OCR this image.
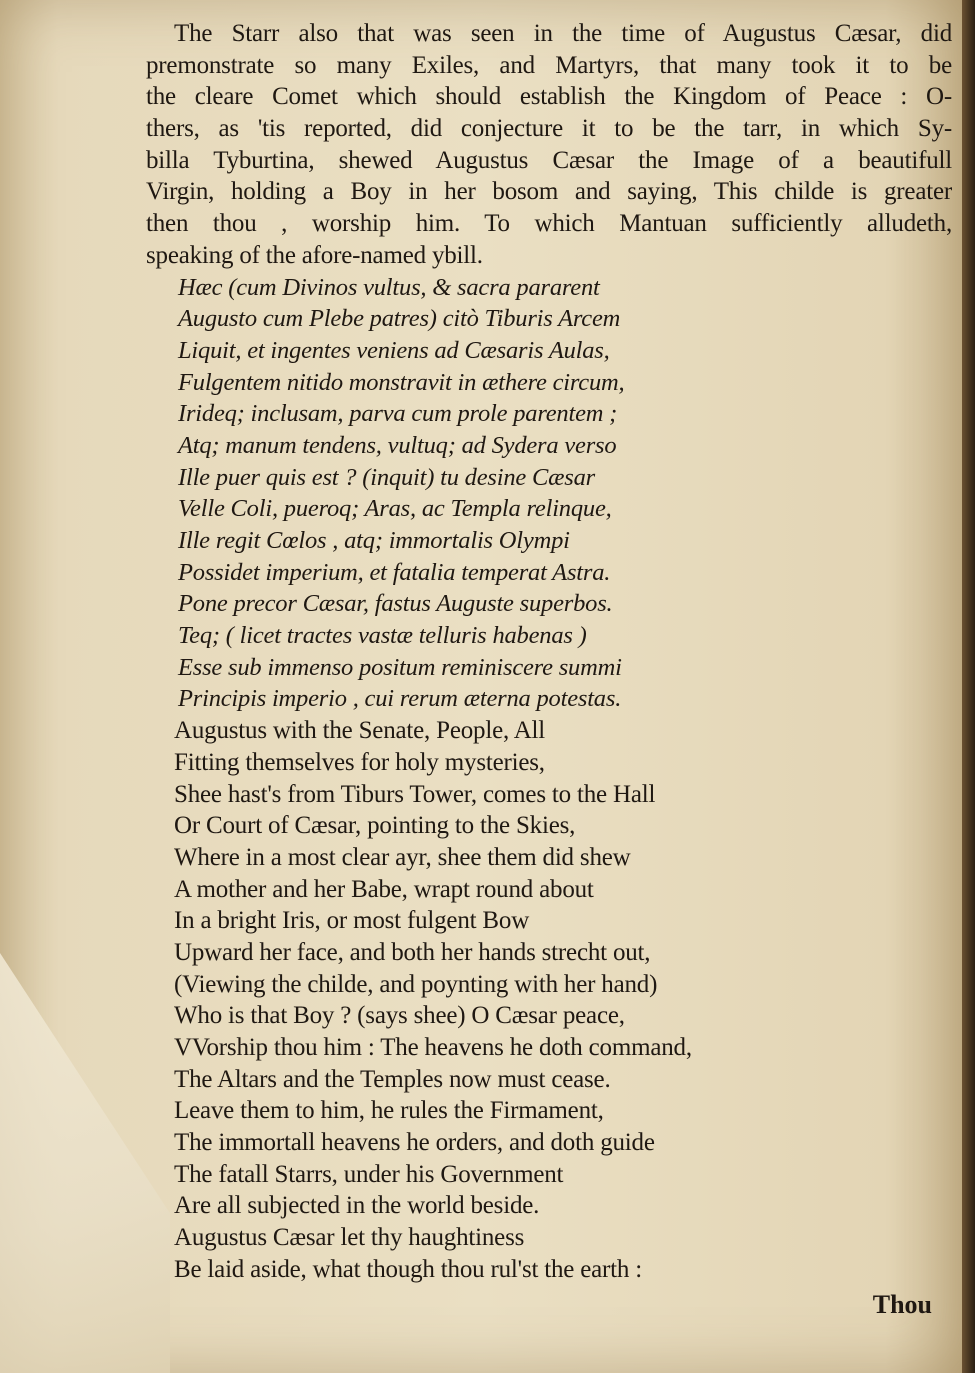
The Starr also that was seen in the time of Augustus Cæsar, did
premonstrate so many Exiles, and Martyrs, that many took it to be
the cleare Comet which should establish the Kingdom of Peace : O-
thers, as 'tis reported, did conjecture it to be the tarr, in which Sy-
billa Tyburtina, shewed Augustus Cæsar the Image of a beautifull
Virgin, holding a Boy in her bosom and saying, This childe is greater
then thou , worship him. To which Mantuan sufficiently alludeth,
speaking of the afore-named ybill.
Hæc (cum Divinos vultus, & sacra pararent
Augusto cum Plebe patres) citò Tiburis Arcem
Liquit, et ingentes veniens ad Cæsaris Aulas,
Fulgentem nitido monstravit in æthere circum,
Irideq; inclusam, parva cum prole parentem ;
Atq; manum tendens, vultuq; ad Sydera verso
Ille puer quis est ? (inquit) tu desine Cæsar
Velle Coli, pueroq; Aras, ac Templa relinque,
Ille regit Cœlos , atq; immortalis Olympi
Possidet imperium, et fatalia temperat Astra.
Pone precor Cæsar, fastus Auguste superbos.
Teq; ( licet tractes vastæ telluris habenas )
Esse sub immenso positum reminiscere summi
Principis imperio , cui rerum æterna potestas.
Augustus with the Senate, People, All
Fitting themselves for holy mysteries,
Shee hast's from Tiburs Tower, comes to the Hall
Or Court of Cæsar, pointing to the Skies,
Where in a most clear ayr, shee them did shew
A mother and her Babe, wrapt round about
In a bright Iris, or most fulgent Bow
Upward her face, and both her hands strecht out,
(Viewing the childe, and poynting with her hand)
Who is that Boy ? (says shee) O Cæsar peace,
VVorship thou him : The heavens he doth command,
The Altars and the Temples now must cease.
Leave them to him, he rules the Firmament,
The immortall heavens he orders, and doth guide
The fatall Starrs, under his Government
Are all subjected in the world beside.
Augustus Cæsar let thy haughtiness
Be laid aside, what though thou rul'st the earth :
Thou
